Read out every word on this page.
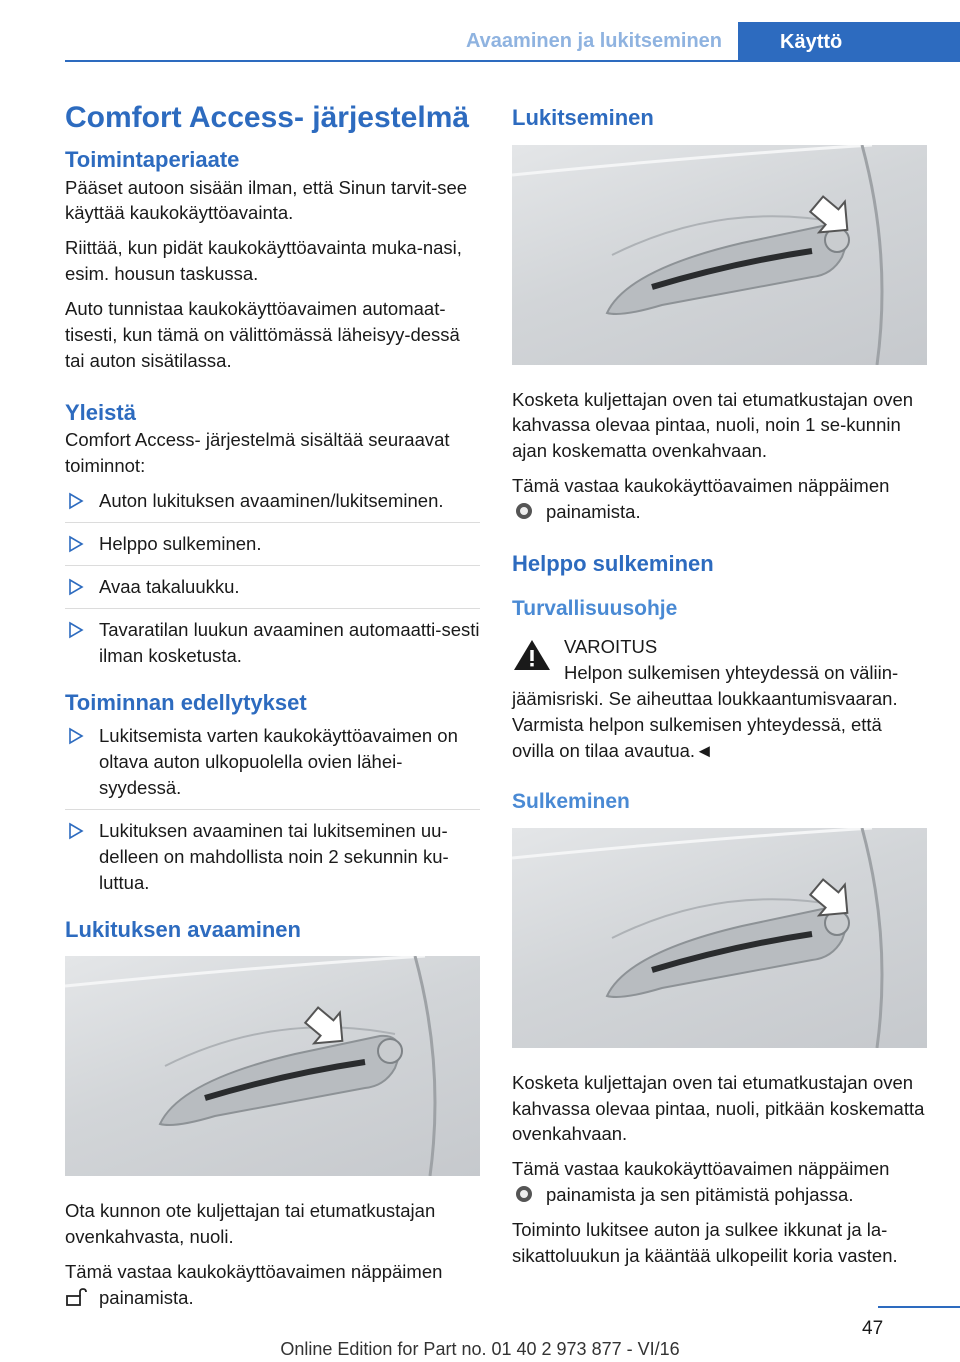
Avaaminen ja lukitseminen	Käyttö
Comfort Access- järjestelmä
Toimintaperiaate

Pääset autoon sisään ilman, että Sinun tarvit-see käyttää kaukokäyttöavainta.

Riittää, kun pidät kaukokäyttöavainta muka-nasi, esim. housun taskussa.

Auto tunnistaa kaukokäyttöavaimen automaat-tisesti, kun tämä on välittömässä läheisyy-dessä tai auton sisätilassa.

Yleistä

Comfort Access- järjestelmä sisältää seuraavat toiminnot:

Auton lukituksen avaaminen/lukitseminen.
Helppo sulkeminen.
Avaa takaluukku.
Tavaratilan luukun avaaminen automaatti-sesti ilman kosketusta.
Toiminnan edellytykset
Lukitsemista varten kaukokäyttöavaimen on oltava auton ulkopuolella ovien lähei-syydessä.
Lukituksen avaaminen tai lukitseminen uu-delleen on mahdollista noin 2 sekunnin ku-luttua.
Lukituksen avaaminen

Ota kunnon ote kuljettajan tai etumatkustajan ovenkahvasta, nuoli.

Tämä vastaa kaukokäyttöavaimen näppäimen
painamista.

Lukitseminen

Kosketa kuljettajan oven tai etumatkustajan oven kahvassa olevaa pintaa, nuoli, noin 1 se-kunnin ajan koskematta ovenkahvaan.

Tämä vastaa kaukokäyttöavaimen näppäimen
painamista.

Helppo sulkeminen
Turvallisuusohje
VAROITUS

Helpon sulkemisen yhteydessä on väliin-jäämisriski. Se aiheuttaa loukkaantumisvaaran. Varmista helpon sulkemisen yhteydessä, että ovilla on tilaa avautua.◄

Sulkeminen

Kosketa kuljettajan oven tai etumatkustajan oven kahvassa olevaa pintaa, nuoli, pitkään koskematta ovenkahvaan.

Tämä vastaa kaukokäyttöavaimen näppäimen
painamista ja sen pitämistä pohjassa.

Toiminto lukitsee auton ja sulkee ikkunat ja la-sikattoluukun ja kääntää ulkopeilit koria vasten.

47
Online Edition for Part no. 01 40 2 973 877 - VI/16
